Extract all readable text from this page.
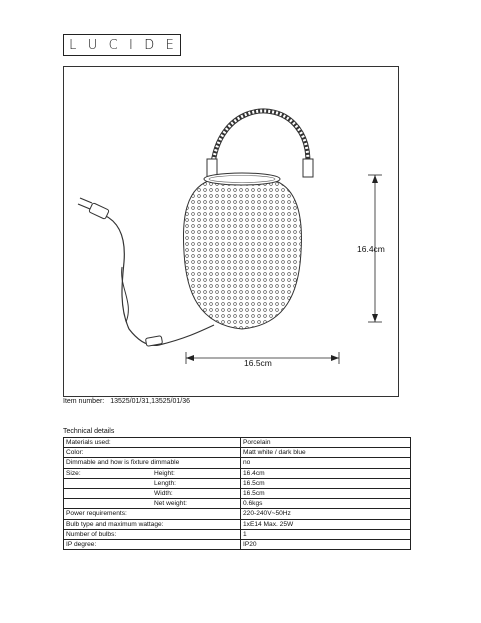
L U C I D E
16.4cm
16.5cm
Item number: 13525/01/31,13525/01/36
Technical details
Materials used:	Porcelain
Color:	Matt white / dark blue
Dimmable and how is fixture dimmable	no

Size: Height:	16.4cm

Length:	16.5cm

Width:	16.5cm

Net weight:	0.6kgs
Power requirements:	220-240V~50Hz
Bulb type and maximum wattage:	1xE14 Max. 25W
Number of bulbs:	1
IP degree:	IP20
